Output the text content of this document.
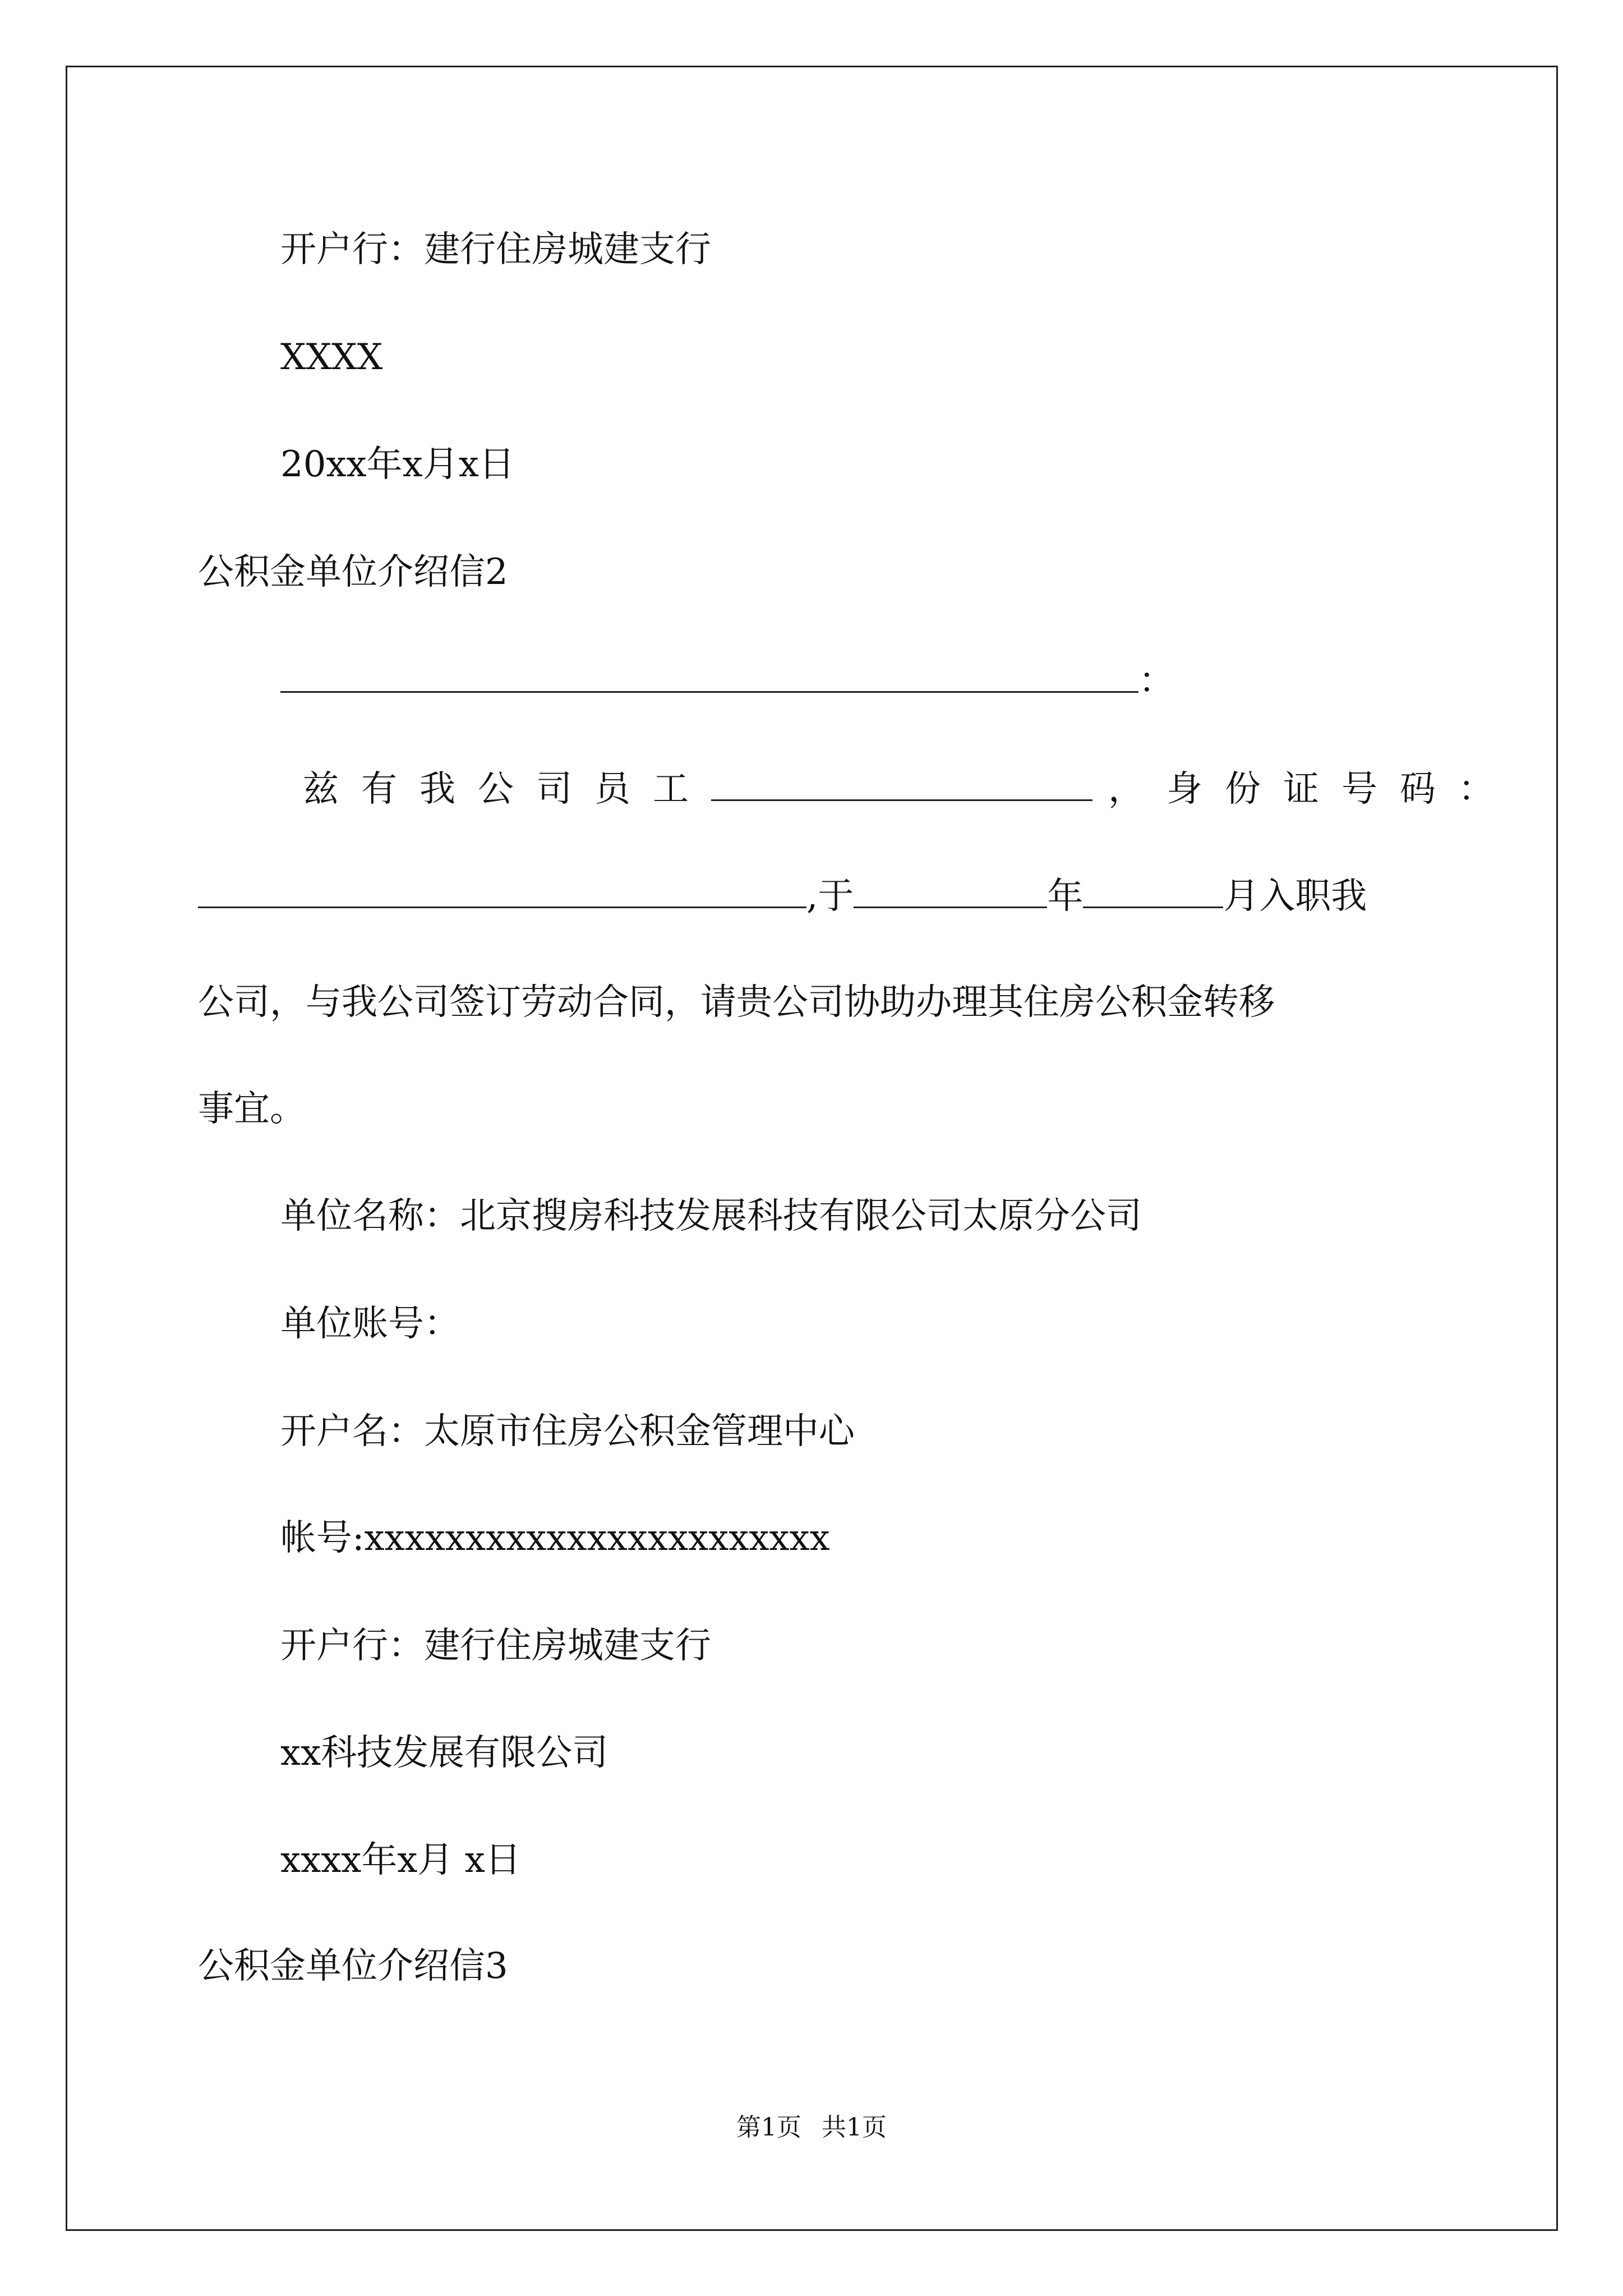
开户行：建行住房城建支行
XXXX
20xx年x月x日
公积金单位介绍信2
：
兹有我公司员工	，身份证号码：
,于	年	月入职我
公司，与我公司签订劳动合同，请贵公司协助办理其住房公积金转移
事宜。
单位名称：北京搜房科技发展科技有限公司太原分公司
单位账号：
开户名：太原市住房公积金管理中心
帐号:xxxxxxxxxxxxxxxxxxxxxxx
开户行：建行住房城建支行
xx科技发展有限公司
xxxx年x月 x日
公积金单位介绍信3
第1页 共1页
